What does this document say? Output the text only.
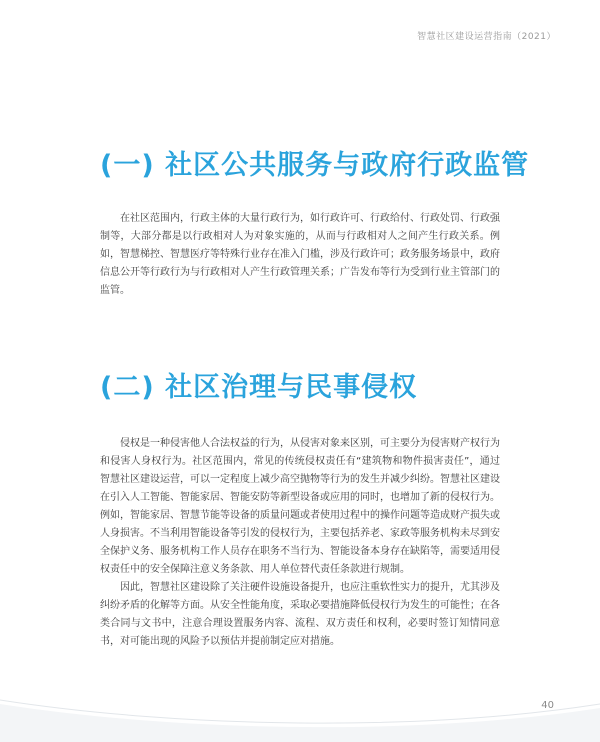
智慧社区建设运营指南（2021）
(一) 社区公共服务与政府行政监管

在社区范围内，行政主体的大量行政行为，如行政许可、行政给付、行政处罚、行政强制等，大部分都是以行政相对人为对象实施的，从而与行政相对人之间产生行政关系。例如，智慧梯控、智慧医疗等特殊行业存在准入门槛，涉及行政许可；政务服务场景中，政府信息公开等行政行为与行政相对人产生行政管理关系；广告发布等行为受到行业主管部门的监管。

(二) 社区治理与民事侵权

侵权是一种侵害他人合法权益的行为，从侵害对象来区别，可主要分为侵害财产权行为和侵害人身权行为。社区范围内，常见的传统侵权责任有“建筑物和物件损害责任”，通过智慧社区建设运营，可以一定程度上减少高空抛物等行为的发生并减少纠纷。智慧社区建设在引入人工智能、智能家居、智能安防等新型设备或应用的同时，也增加了新的侵权行为。例如，智能家居、智慧节能等设备的质量问题或者使用过程中的操作问题等造成财产损失或人身损害。不当利用智能设备等引发的侵权行为，主要包括养老、家政等服务机构未尽到安全保护义务、服务机构工作人员存在职务不当行为、智能设备本身存在缺陷等，需要适用侵权责任中的安全保障注意义务条款、用人单位替代责任条款进行规制。

因此，智慧社区建设除了关注硬件设施设备提升，也应注重软性实力的提升，尤其涉及纠纷矛盾的化解等方面。从安全性能角度，采取必要措施降低侵权行为发生的可能性；在各类合同与文书中，注意合理设置服务内容、流程、双方责任和权利，必要时签订知情同意书，对可能出现的风险予以预估并提前制定应对措施。

40
